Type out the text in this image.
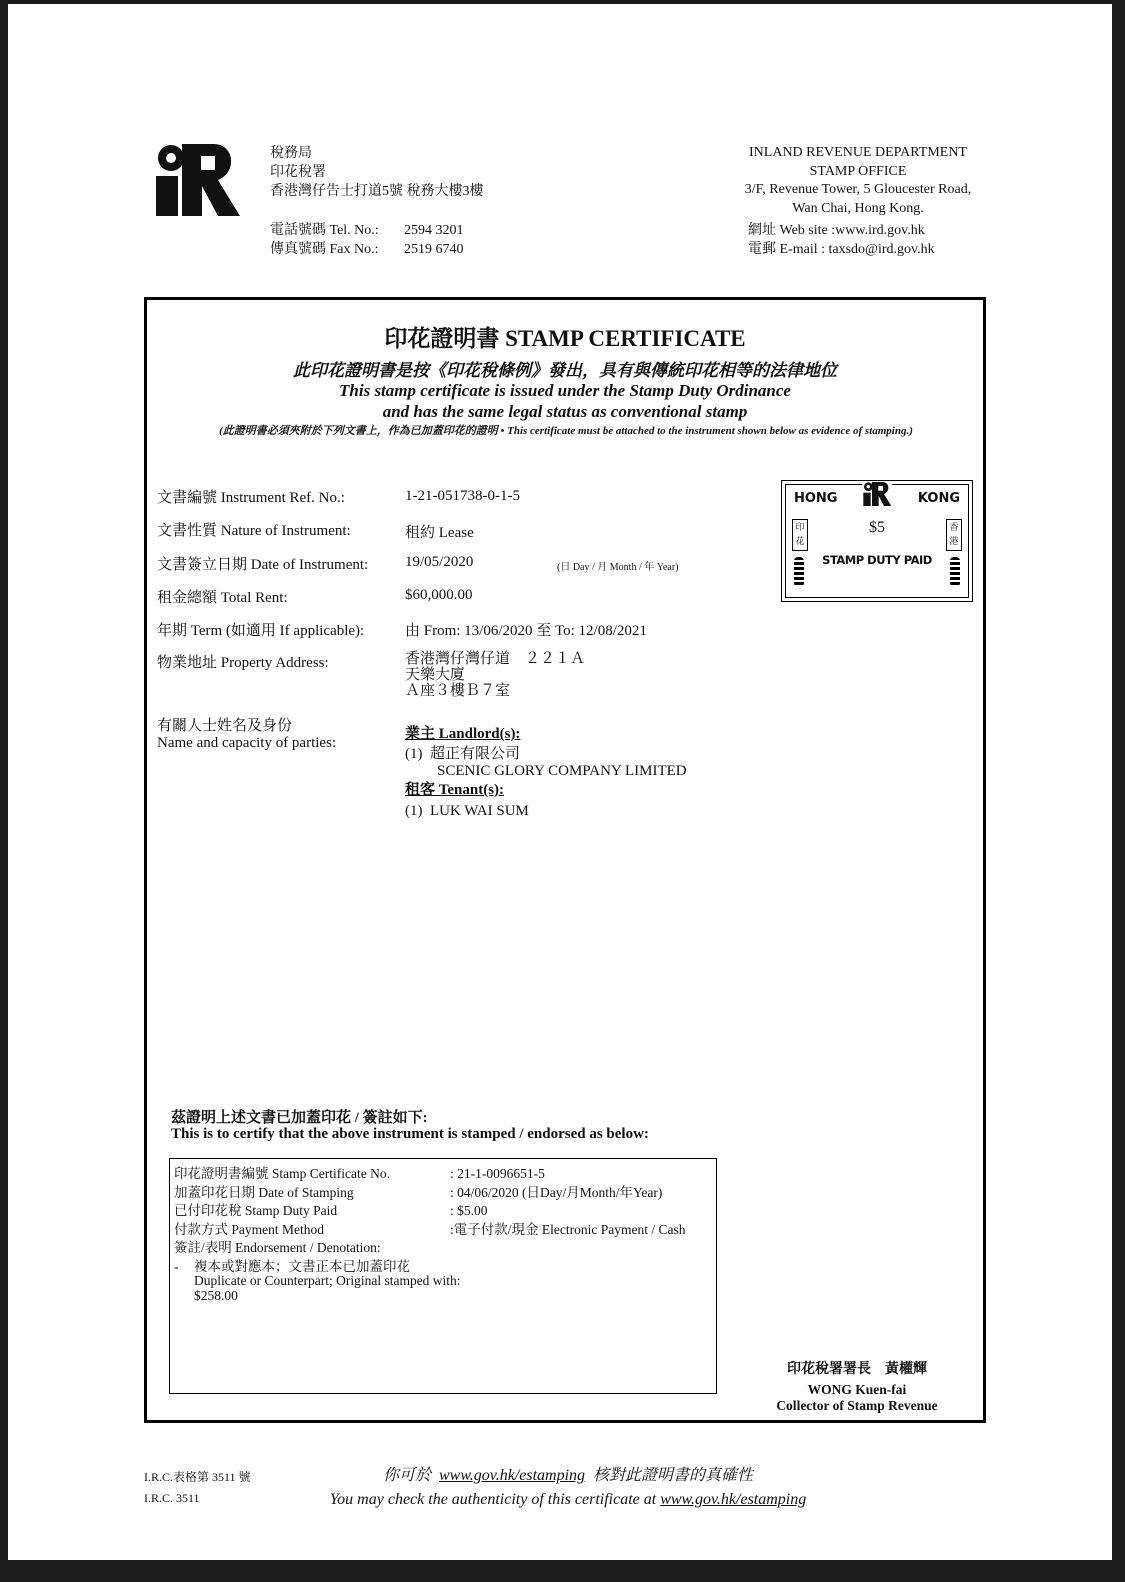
稅務局
印花稅署
香港灣仔告士打道5號 稅務大樓3樓
電話號碼 Tel. No.: 2594 3201
傳真號碼 Fax No.: 2519 6740
INLAND REVENUE DEPARTMENT
STAMP OFFICE
3/F, Revenue Tower, 5 Gloucester Road,
Wan Chai, Hong Kong.
網址 Web site :www.ird.gov.hk
電郵 E-mail : taxsdo@ird.gov.hk
印花證明書 STAMP CERTIFICATE
此印花證明書是按《印花稅條例》發出，具有與傳統印花相等的法律地位
This stamp certificate is issued under the Stamp Duty Ordinance
and has the same legal status as conventional stamp
(此證明書必須夾附於下列文書上，作為已加蓋印花的證明 • This certificate must be attached to the instrument shown below as evidence of stamping.)
文書編號 Instrument Ref. No.:	1-21-051738-0-1-5
文書性質 Nature of Instrument:	租約 Lease
文書簽立日期 Date of Instrument: 19/05/2020	(日 Day / 月 Month / 年 Year)
租金總額 Total Rent:	$60,000.00
年期 Term (如適用 If applicable):	由 From: 13/06/2020 至 To: 12/08/2021
物業地址 Property Address:	香港灣仔灣仔道　２２１Ａ
天樂大廈
Ａ座３樓Ｂ７室
有關人士姓名及身份
Name and capacity of parties:
業主 Landlord(s):
(1) 超正有限公司
SCENIC GLORY COMPANY LIMITED
租客 Tenant(s):
(1) LUK WAI SUM
HONG	KONG
印花
香港
$5
STAMP DUTY PAID
茲證明上述文書已加蓋印花 / 簽註如下:
This is to certify that the above instrument is stamped / endorsed as below:
印花證明書編號 Stamp Certificate No.	: 21-1-0096651-5
加蓋印花日期 Date of Stamping	: 04/06/2020 (日Day/月Month/年Year)
已付印花稅 Stamp Duty Paid	: $5.00
付款方式 Payment Method	:電子付款/現金 Electronic Payment / Cash
簽註/表明 Endorsement / Denotation:
- 複本或對應本；文書正本已加蓋印花
Duplicate or Counterpart; Original stamped with:
$258.00
印花稅署署長　黃權輝
WONG Kuen-fai
Collector of Stamp Revenue
I.R.C.表格第 3511 號
I.R.C. 3511
你可於 www.gov.hk/estamping 核對此證明書的真確性
You may check the authenticity of this certificate at www.gov.hk/estamping
